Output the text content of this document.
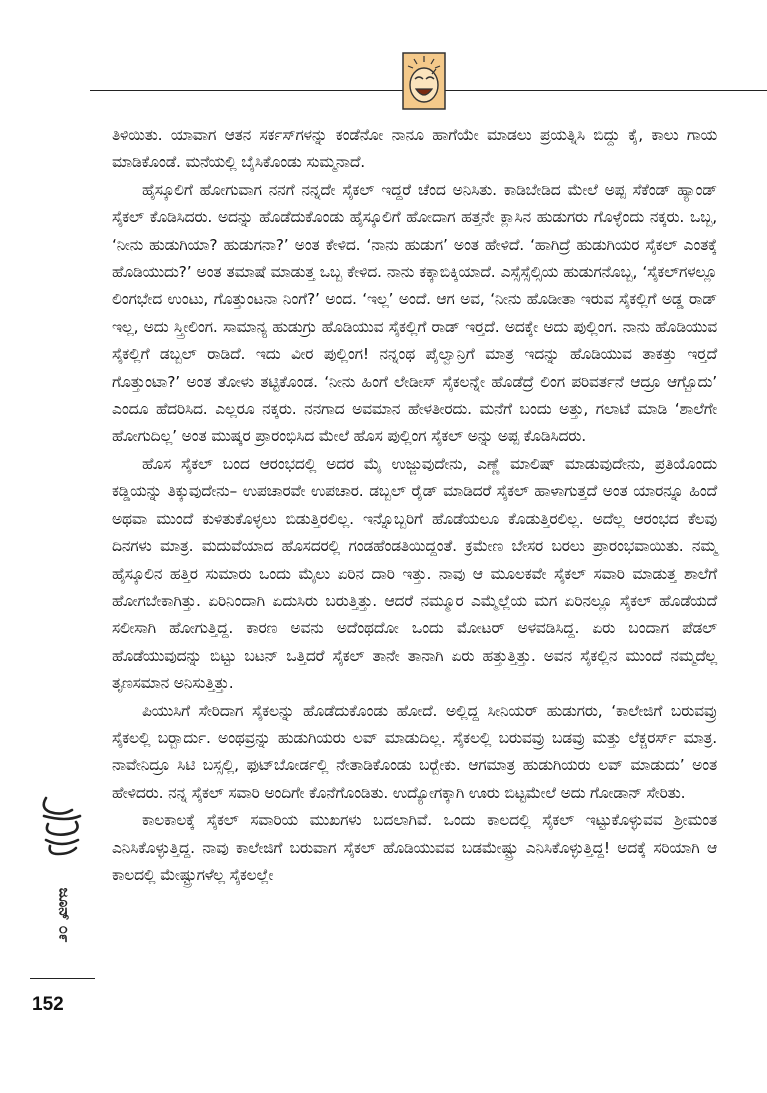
ತಿಳಿಯಿತು. ಯಾವಾಗ ಆತನ ಸರ್ಕಸ್‌ಗಳನ್ನು ಕಂಡೆನೋ ನಾನೂ ಹಾಗೆಯೇ ಮಾಡಲು ಪ್ರಯತ್ನಿಸಿ ಬಿದ್ದು ಕೈ, ಕಾಲು ಗಾಯ ಮಾಡಿಕೊಂಡೆ. ಮನೆಯಲ್ಲಿ ಬೈಸಿಕೊಂಡು ಸುಮ್ಮನಾದೆ.

ಹೈಸ್ಕೂಲಿಗೆ ಹೋಗುವಾಗ ನನಗೆ ನನ್ನದೇ ಸೈಕಲ್ ಇದ್ದರೆ ಚೆಂದ ಅನಿಸಿತು. ಕಾಡಿಬೇಡಿದ ಮೇಲೆ ಅಪ್ಪ ಸೆಕೆಂಡ್ ಹ್ಯಾಂಡ್ ಸೈಕಲ್ ಕೊಡಿಸಿದರು. ಅದನ್ನು ಹೊಡೆದುಕೊಂಡು ಹೈಸ್ಕೂಲಿಗೆ ಹೋದಾಗ ಹತ್ತನೇ ಕ್ಲಾಸಿನ ಹುಡುಗರು ಗೊಳ್ಳೆಂದು ನಕ್ಕರು. ಒಬ್ಬ, ‘ನೀನು ಹುಡುಗಿಯಾ? ಹುಡುಗನಾ?’ ಅಂತ ಕೇಳಿದ. ‘ನಾನು ಹುಡುಗ’ ಅಂತ ಹೇಳಿದೆ. ‘ಹಾಗಿದ್ರೆ ಹುಡುಗಿಯರ ಸೈಕಲ್ ಎಂತಕ್ಕೆ ಹೊಡಿಯುದು?’ ಅಂತ ತಮಾಷೆ ಮಾಡುತ್ತ ಒಬ್ಬ ಕೇಳಿದ. ನಾನು ಕಕ್ಕಾಬಿಕ್ಕಿಯಾದೆ. ಎಸ್ಸೆಸ್ಸೆಲ್ಸಿಯ ಹುಡುಗನೊಬ್ಬ, ‘ಸೈಕಲ್‌ಗಳಲ್ಲೂ ಲಿಂಗಭೇದ ಉಂಟು, ಗೊತ್ತುಂಟನಾ ನಿಂಗೆ?’ ಅಂದ. ‘ಇಲ್ಲ’ ಅಂದೆ. ಆಗ ಅವ, ‘ನೀನು ಹೊಡೀತಾ ಇರುವ ಸೈಕಲ್ಲಿಗೆ ಅಡ್ಡ ರಾಡ್ ಇಲ್ಲ, ಅದು ಸ್ತ್ರೀಲಿಂಗ. ಸಾಮಾನ್ಯ ಹುಡುಗ್ರು ಹೊಡಿಯುವ ಸೈಕಲ್ಲಿಗೆ ರಾಡ್ ಇರ್‍ತದೆ. ಅದಕ್ಕೇ ಅದು ಪುಲ್ಲಿಂಗ. ನಾನು ಹೊಡಿಯುವ ಸೈಕಲ್ಲಿಗೆ ಡಬ್ಬಲ್ ರಾಡಿದೆ. ಇದು ವೀರ ಪುಲ್ಲಿಂಗ! ನನ್ನಂಥ ಪೈಲ್ವಾನ್ರಿಗೆ ಮಾತ್ರ ಇದನ್ನು ಹೊಡಿಯುವ ತಾಕತ್ತು ಇರ್‍ತದೆ ಗೊತ್ತುಂಟಾ?’ ಅಂತ ತೋಳು ತಟ್ಟಿಕೊಂಡ. ‘ನೀನು ಹಿಂಗೆ ಲೇಡೀಸ್ ಸೈಕಲನ್ನೇ ಹೊಡೆದ್ರೆ ಲಿಂಗ ಪರಿವರ್ತನೆ ಆದ್ರೂ ಆಗ್ಬೊದು’ ಎಂದೂ ಹೆದರಿಸಿದ. ಎಲ್ಲರೂ ನಕ್ಕರು. ನನಗಾದ ಅವಮಾನ ಹೇಳತೀರದು. ಮನೆಗೆ ಬಂದು ಅತ್ತು, ಗಲಾಟೆ ಮಾಡಿ ‘ಶಾಲೆಗೇ ಹೋಗುದಿಲ್ಲ’ ಅಂತ ಮುಷ್ಕರ ಪ್ರಾರಂಭಿಸಿದ ಮೇಲೆ ಹೊಸ ಪುಲ್ಲಿಂಗ ಸೈಕಲ್ ಅನ್ನು ಅಪ್ಪ ಕೊಡಿಸಿದರು.

ಹೊಸ ಸೈಕಲ್ ಬಂದ ಆರಂಭದಲ್ಲಿ ಅದರ ಮೈ ಉಜ್ಜುವುದೇನು, ಎಣ್ಣೆ ಮಾಲಿಷ್ ಮಾಡುವುದೇನು, ಪ್ರತಿಯೊಂದು ಕಡ್ಡಿಯನ್ನು ತಿಕ್ಕುವುದೇನು– ಉಪಚಾರವೇ ಉಪಚಾರ. ಡಬ್ಬಲ್ ರೈಡ್ ಮಾಡಿದರೆ ಸೈಕಲ್ ಹಾಳಾಗುತ್ತದೆ ಅಂತ ಯಾರನ್ನೂ ಹಿಂದೆ ಅಥವಾ ಮುಂದೆ ಕುಳಿತುಕೊಳ್ಳಲು ಬಿಡುತ್ತಿರಲಿಲ್ಲ. ಇನ್ನೊಬ್ಬರಿಗೆ ಹೊಡೆಯಲೂ ಕೊಡುತ್ತಿರಲಿಲ್ಲ. ಅದೆಲ್ಲ ಆರಂಭದ ಕೆಲವು ದಿನಗಳು ಮಾತ್ರ. ಮದುವೆಯಾದ ಹೊಸದರಲ್ಲಿ ಗಂಡಹೆಂಡತಿಯಿದ್ದಂತೆ. ಕ್ರಮೇಣ ಬೇಸರ ಬರಲು ಪ್ರಾರಂಭವಾಯಿತು. ನಮ್ಮ ಹೈಸ್ಕೂಲಿನ ಹತ್ತಿರ ಸುಮಾರು ಒಂದು ಮೈಲು ಏರಿನ ದಾರಿ ಇತ್ತು. ನಾವು ಆ ಮೂಲಕವೇ ಸೈಕಲ್ ಸವಾರಿ ಮಾಡುತ್ತ ಶಾಲೆಗೆ ಹೋಗಬೇಕಾಗಿತ್ತು. ಏರಿನಿಂದಾಗಿ ಏದುಸಿರು ಬರುತ್ತಿತ್ತು. ಆದರೆ ನಮ್ಮೂರ ಎಮ್ಮೆಲ್ಲೆಯ ಮಗ ಏರಿನಲ್ಲೂ ಸೈಕಲ್ ಹೊಡೆಯದೆ ಸಲೀಸಾಗಿ ಹೋಗುತ್ತಿದ್ದ. ಕಾರಣ ಅವನು ಅದೆಂಥದೋ ಒಂದು ಮೋಟರ್ ಅಳವಡಿಸಿದ್ದ. ಏರು ಬಂದಾಗ ಪೆಡಲ್ ಹೊಡೆಯುವುದನ್ನು ಬಿಟ್ಟು ಬಟನ್ ಒತ್ತಿದರೆ ಸೈಕಲ್ ತಾನೇ ತಾನಾಗಿ ಏರು ಹತ್ತುತ್ತಿತ್ತು. ಅವನ ಸೈಕಲ್ಲಿನ ಮುಂದೆ ನಮ್ಮದೆಲ್ಲ ತೃಣಸಮಾನ ಅನಿಸುತ್ತಿತ್ತು.

ಪಿಯುಸಿಗೆ ಸೇರಿದಾಗ ಸೈಕಲನ್ನು ಹೊಡೆದುಕೊಂಡು ಹೋದೆ. ಅಲ್ಲಿದ್ದ ಸೀನಿಯರ್ ಹುಡುಗರು, ‘ಕಾಲೇಜಿಗೆ ಬರುವವ್ರು ಸೈಕಲಲ್ಲಿ ಬರ್‍ಬಾರ್ದು. ಅಂಥವ್ರನ್ನು ಹುಡುಗಿಯರು ಲವ್ ಮಾಡುದಿಲ್ಲ. ಸೈಕಲಲ್ಲಿ ಬರುವವ್ರು ಬಡವ್ರು ಮತ್ತು ಲೆಕ್ಚರರ್ಸ್ ಮಾತ್ರ. ನಾವೇನಿದ್ರೂ ಸಿಟಿ ಬಸ್ಸಲ್ಲಿ, ಫುಟ್‌ಬೋರ್ಡಲ್ಲಿ ನೇತಾಡಿಕೊಂಡು ಬರ್‍ಬೇಕು. ಆಗಮಾತ್ರ ಹುಡುಗಿಯರು ಲವ್ ಮಾಡುದು’ ಅಂತ ಹೇಳಿದರು. ನನ್ನ ಸೈಕಲ್ ಸವಾರಿ ಅಂದಿಗೇ ಕೊನೆಗೊಂಡಿತು. ಉದ್ಯೋಗಕ್ಕಾಗಿ ಊರು ಬಿಟ್ಟಮೇಲೆ ಅದು ಗೋಡಾನ್ ಸೇರಿತು.

ಕಾಲಕಾಲಕ್ಕೆ ಸೈಕಲ್ ಸವಾರಿಯ ಮುಖಗಳು ಬದಲಾಗಿವೆ. ಒಂದು ಕಾಲದಲ್ಲಿ ಸೈಕಲ್ ಇಟ್ಟುಕೊಳ್ಳುವವ ಶ್ರೀಮಂತ ಎನಿಸಿಕೊಳ್ಳುತ್ತಿದ್ದ. ನಾವು ಕಾಲೇಜಿಗೆ ಬರುವಾಗ ಸೈಕಲ್ ಹೊಡಿಯುವವ ಬಡಮೇಷ್ಟ್ರು ಎನಿಸಿಕೊಳ್ಳುತ್ತಿದ್ದ! ಅದಕ್ಕೆ ಸರಿಯಾಗಿ ಆ ಕಾಲದಲ್ಲಿ ಮೇಷ್ಟ್ರುಗಳೆಲ್ಲ ಸೈಕಲಲ್ಲೇ

ಜೂನ್ ೦೯
152
